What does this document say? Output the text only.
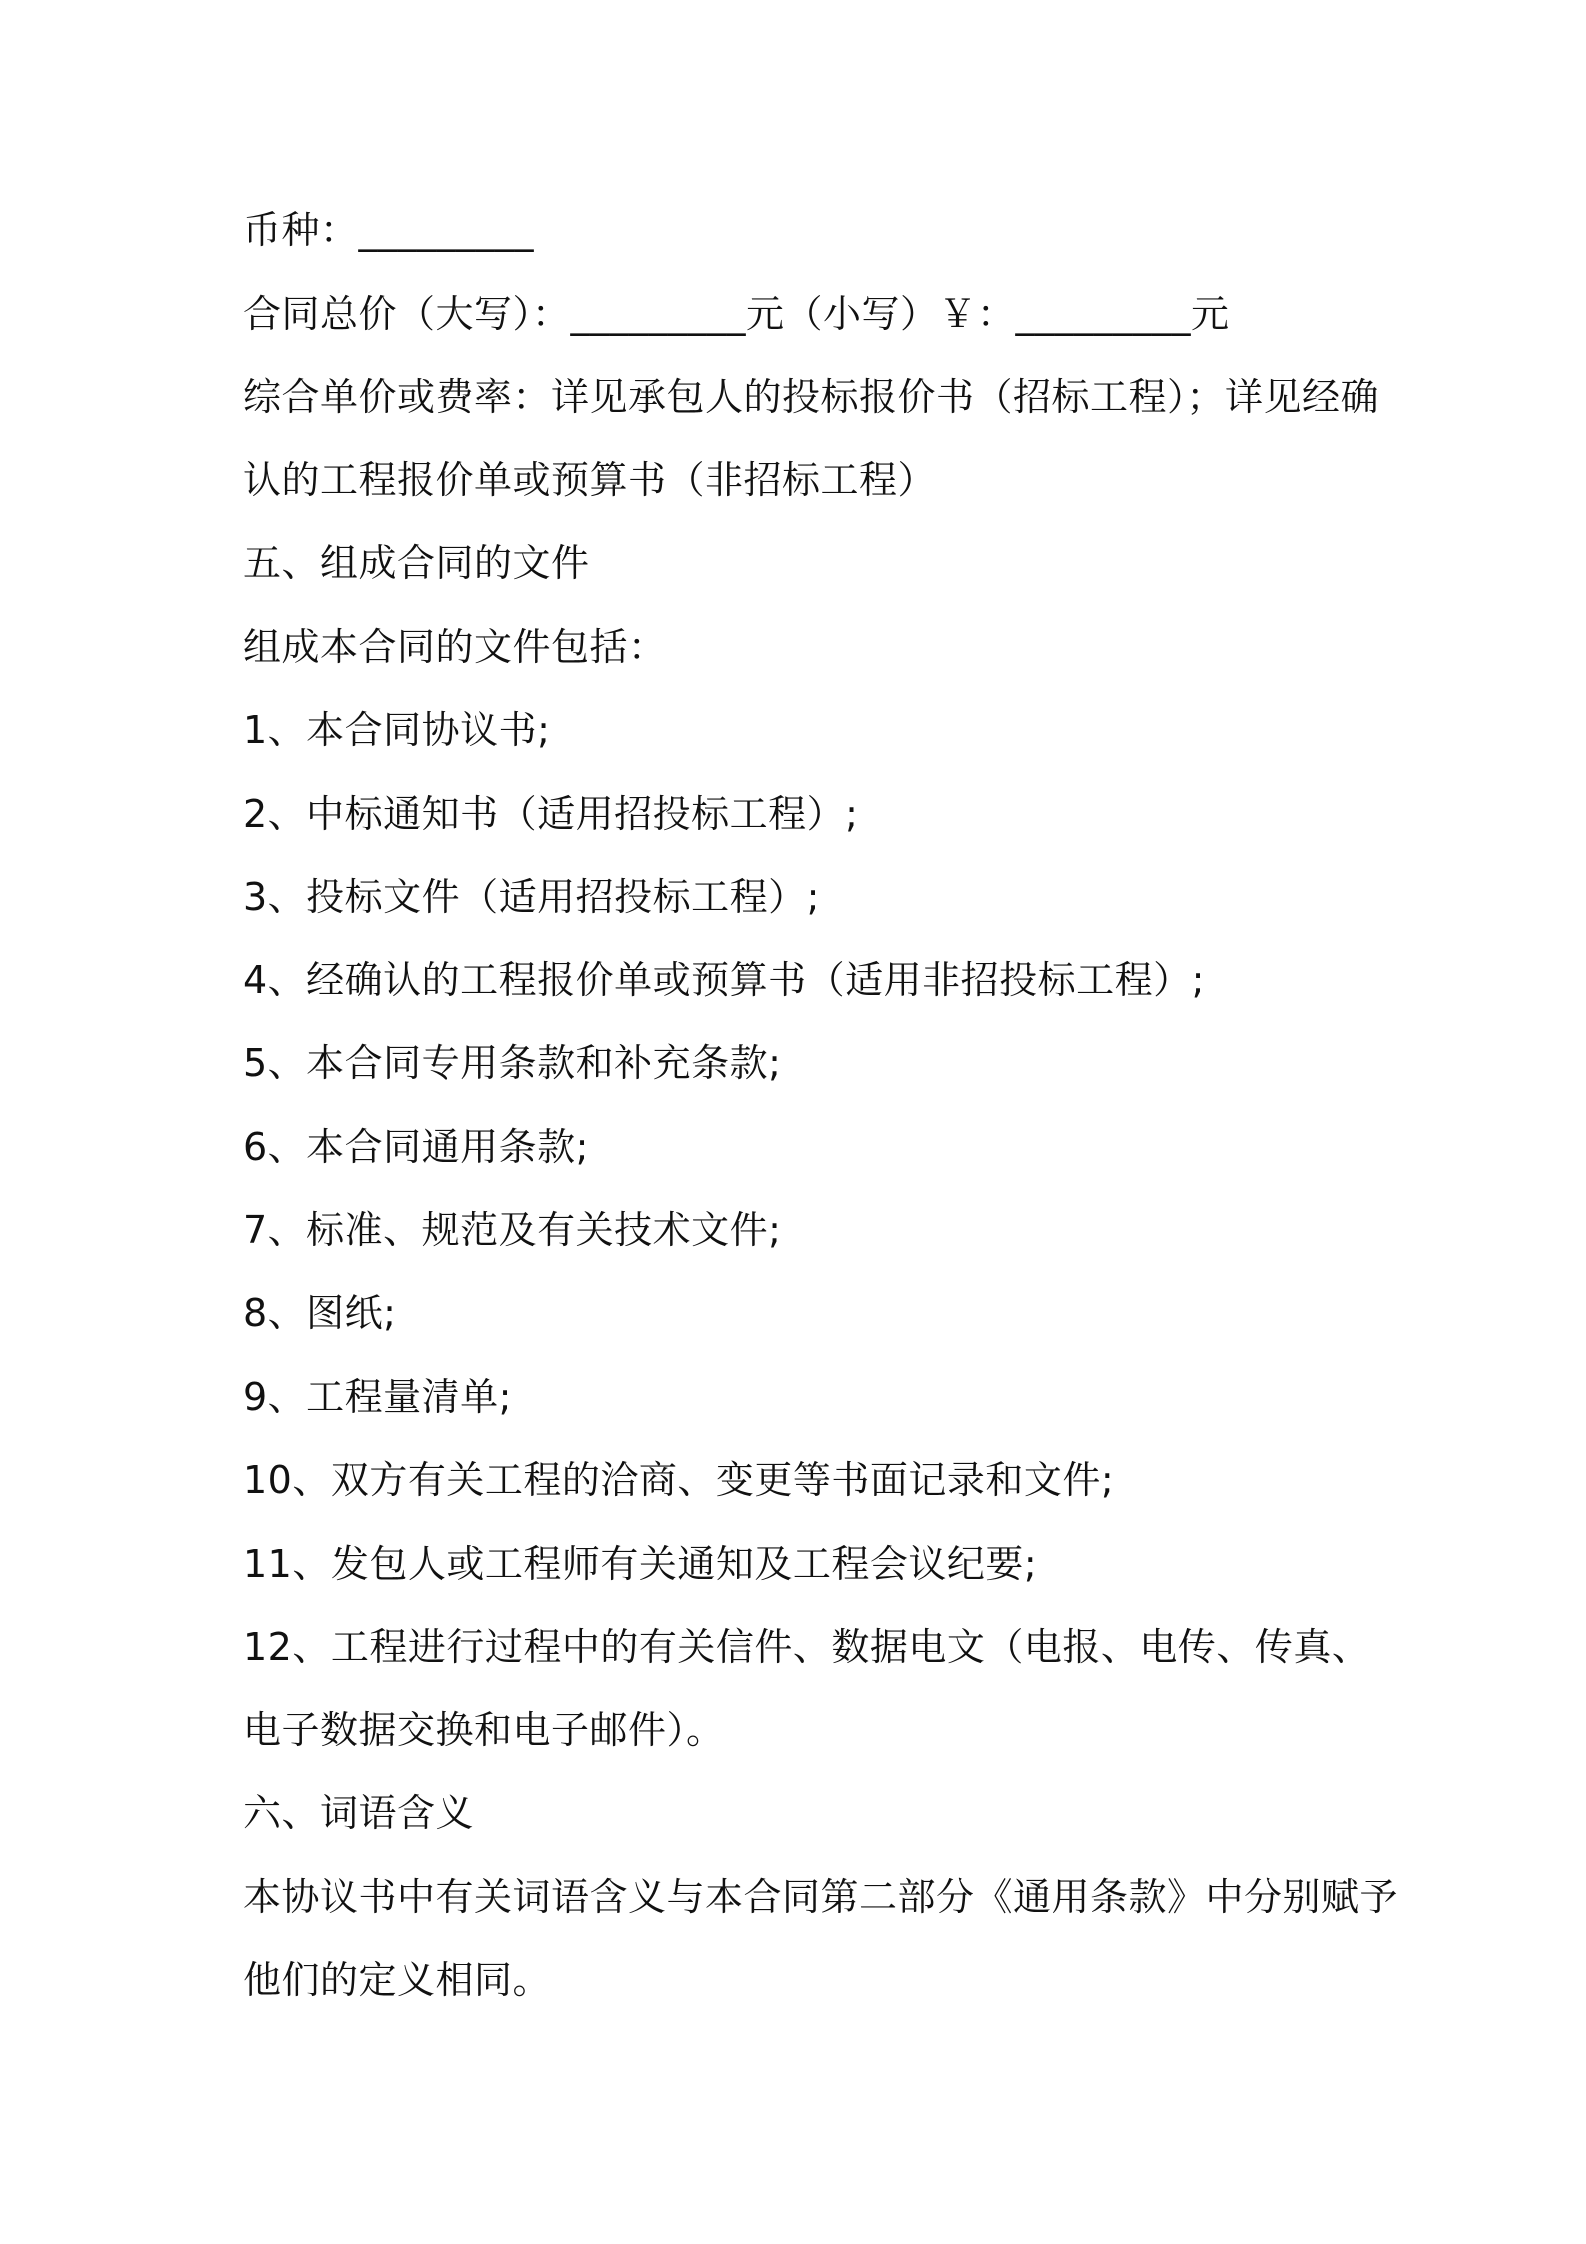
币种：_________
合同总价（大写）：_________元（小写）￥：_________元
综合单价或费率：详见承包人的投标报价书（招标工程）；详见经确
认的工程报价单或预算书（非招标工程）
五、组成合同的文件
组成本合同的文件包括：
1、本合同协议书;
2、中标通知书（适用招投标工程）;
3、投标文件（适用招投标工程）;
4、经确认的工程报价单或预算书（适用非招投标工程）;
5、本合同专用条款和补充条款;
6、本合同通用条款;
7、标准、规范及有关技术文件;
8、图纸;
9、工程量清单;
10、双方有关工程的洽商、变更等书面记录和文件;
11、发包人或工程师有关通知及工程会议纪要;
12、工程进行过程中的有关信件、数据电文（电报、电传、传真、
电子数据交换和电子邮件）。
六、词语含义
本协议书中有关词语含义与本合同第二部分《通用条款》中分别赋予
他们的定义相同。
